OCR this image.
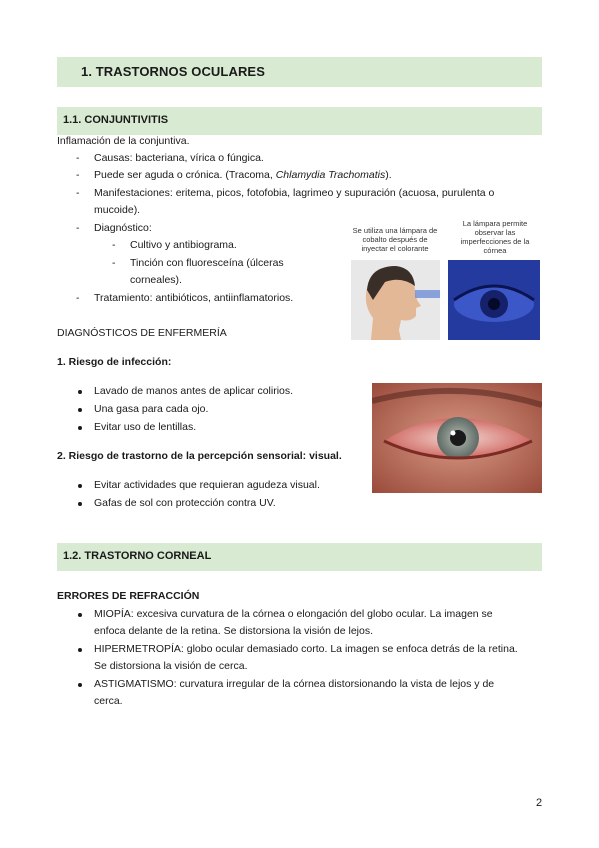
1. TRASTORNOS OCULARES
1.1. CONJUNTIVITIS
Inflamación de la conjuntiva.
- Causas: bacteriana, vírica o fúngica.
- Puede ser aguda o crónica. (Tracoma, Chlamydia Trachomatis).
- Manifestaciones: eritema, picos, fotofobia, lagrimeo y supuración (acuosa, purulenta o
mucoide).
- Diagnóstico:
- Cultivo y antibiograma.
- Tinción con fluoresceína (úlceras
corneales).
- Tratamiento: antibióticos, antiinflamatorios.
Se utiliza una lámpara de cobalto después de inyectar el colorante
La lámpara permite observar las imperfecciones de la córnea
DIAGNÓSTICOS DE ENFERMERÍA
1. Riesgo de infección:
Lavado de manos antes de aplicar colirios.
Una gasa para cada ojo.
Evitar uso de lentillas.
2. Riesgo de trastorno de la percepción sensorial: visual.
Evitar actividades que requieran agudeza visual.
Gafas de sol con protección contra UV.
1.2. TRASTORNO CORNEAL
ERRORES DE REFRACCIÓN
MIOPÍA: excesiva curvatura de la córnea o elongación del globo ocular. La imagen se
enfoca delante de la retina. Se distorsiona la visión de lejos.
HIPERMETROPÍA: globo ocular demasiado corto. La imagen se enfoca detrás de la retina.
Se distorsiona la visión de cerca.
ASTIGMATISMO: curvatura irregular de la córnea distorsionando la vista de lejos y de
cerca.
2
